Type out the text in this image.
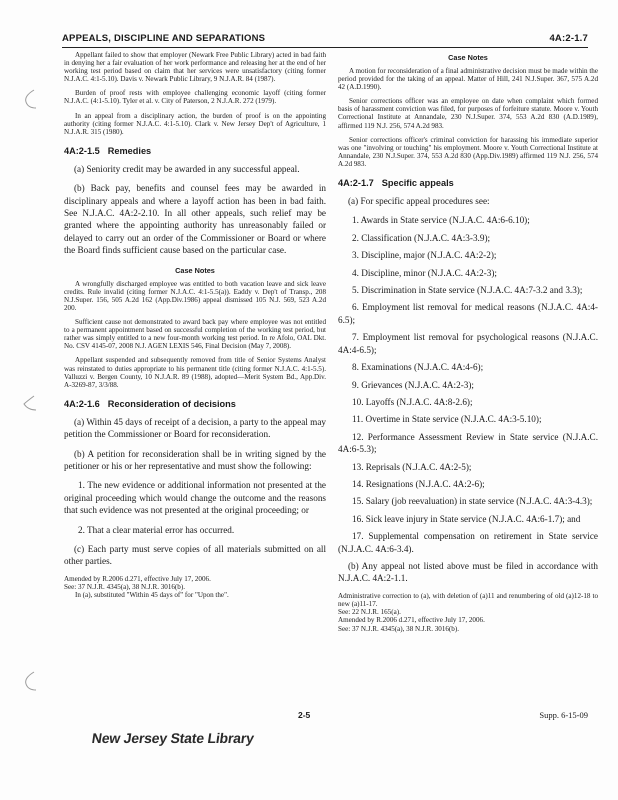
APPEALS, DISCIPLINE AND SEPARATIONS	4A:2-1.7

Appellant failed to show that employer (Newark Free Public Library) acted in bad faith in denying her a fair evaluation of her work performance and releasing her at the end of her working test period based on claim that her services were unsatisfactory (citing former N.J.A.C. 4:1-5.10). Davis v. Newark Public Library, 9 N.J.A.R. 84 (1987).

Burden of proof rests with employee challenging economic layoff (citing former N.J.A.C. (4:1-5.10). Tyler et al. v. City of Paterson, 2 N.J.A.R. 272 (1979).

In an appeal from a disciplinary action, the burden of proof is on the appointing authority (citing former N.J.A.C. 4:1-5.10). Clark v. New Jersey Dep't of Agriculture, 1 N.J.A.R. 315 (1980).

4A:2-1.5 Remedies

(a) Seniority credit may be awarded in any successful appeal.

(b) Back pay, benefits and counsel fees may be awarded in disciplinary appeals and where a layoff action has been in bad faith. See N.J.A.C. 4A:2-2.10. In all other appeals, such relief may be granted where the appointing authority has unreasonably failed or delayed to carry out an order of the Commissioner or Board or where the Board finds sufficient cause based on the particular case.

Case Notes

A wrongfully discharged employee was entitled to both vacation leave and sick leave credits. Rule invalid (citing former N.J.A.C. 4:1-5.5(a)). Eaddy v. Dep't of Transp., 208 N.J.Super. 156, 505 A.2d 162 (App.Div.1986) appeal dismissed 105 N.J. 569, 523 A.2d 200.

Sufficient cause not demonstrated to award back pay where employee was not entitled to a permanent appointment based on successful completion of the working test period, but rather was simply entitled to a new four-month working test period. In re Afolo, OAL Dkt. No. CSV 4145-07, 2008 N.J. AGEN LEXIS 546, Final Decision (May 7, 2008).

Appellant suspended and subsequently removed from title of Senior Systems Analyst was reinstated to duties appropriate to his permanent title (citing former N.J.A.C. 4:1-5.5). Valluzzi v. Bergen County, 10 N.J.A.R. 89 (1988), adopted—Merit System Bd., App.Div. A-3269-87, 3/3/88.

4A:2-1.6 Reconsideration of decisions

(a) Within 45 days of receipt of a decision, a party to the appeal may petition the Commissioner or Board for reconsideration.

(b) A petition for reconsideration shall be in writing signed by the petitioner or his or her representative and must show the following:

1. The new evidence or additional information not presented at the original proceeding which would change the outcome and the reasons that such evidence was not presented at the original proceeding; or

2. That a clear material error has occurred.

(c) Each party must serve copies of all materials submitted on all other parties.

Amended by R.2006 d.271, effective July 17, 2006.

See: 37 N.J.R. 4345(a), 38 N.J.R. 3016(b).

In (a), substituted "Within 45 days of" for "Upon the".

Case Notes

A motion for reconsideration of a final administrative decision must be made within the period provided for the taking of an appeal. Matter of Hill, 241 N.J.Super. 367, 575 A.2d 42 (A.D.1990).

Senior corrections officer was an employee on date when complaint which formed basis of harassment conviction was filed, for purposes of forfeiture statute. Moore v. Youth Correctional Institute at Annandale, 230 N.J.Super. 374, 553 A.2d 830 (A.D.1989), affirmed 119 N.J. 256, 574 A.2d 983.

Senior corrections officer's criminal conviction for harassing his immediate superior was one "involving or touching" his employment. Moore v. Youth Correctional Institute at Annandale, 230 N.J.Super. 374, 553 A.2d 830 (App.Div.1989) affirmed 119 N.J. 256, 574 A.2d 983.

4A:2-1.7 Specific appeals

(a) For specific appeal procedures see:

1. Awards in State service (N.J.A.C. 4A:6-6.10);

2. Classification (N.J.A.C. 4A:3-3.9);

3. Discipline, major (N.J.A.C. 4A:2-2);

4. Discipline, minor (N.J.A.C. 4A:2-3);

5. Discrimination in State service (N.J.A.C. 4A:7-3.2 and 3.3);

6. Employment list removal for medical reasons (N.J.A.C. 4A:4-6.5);

7. Employment list removal for psychological reasons (N.J.A.C. 4A:4-6.5);

8. Examinations (N.J.A.C. 4A:4-6);

9. Grievances (N.J.A.C. 4A:2-3);

10. Layoffs (N.J.A.C. 4A:8-2.6);

11. Overtime in State service (N.J.A.C. 4A:3-5.10);

12. Performance Assessment Review in State service (N.J.A.C. 4A:6-5.3);

13. Reprisals (N.J.A.C. 4A:2-5);

14. Resignations (N.J.A.C. 4A:2-6);

15. Salary (job reevaluation) in state service (N.J.A.C. 4A:3-4.3);

16. Sick leave injury in State service (N.J.A.C. 4A:6-1.7); and

17. Supplemental compensation on retirement in State service (N.J.A.C. 4A:6-3.4).

(b) Any appeal not listed above must be filed in accordance with N.J.A.C. 4A:2-1.1.

Administrative correction to (a), with deletion of (a)11 and renumbering of old (a)12-18 to new (a)11-17.

See: 22 N.J.R. 165(a).

Amended by R.2006 d.271, effective July 17, 2006.

See: 37 N.J.R. 4345(a), 38 N.J.R. 3016(b).

2-5	Supp. 6-15-09
New Jersey State Library
